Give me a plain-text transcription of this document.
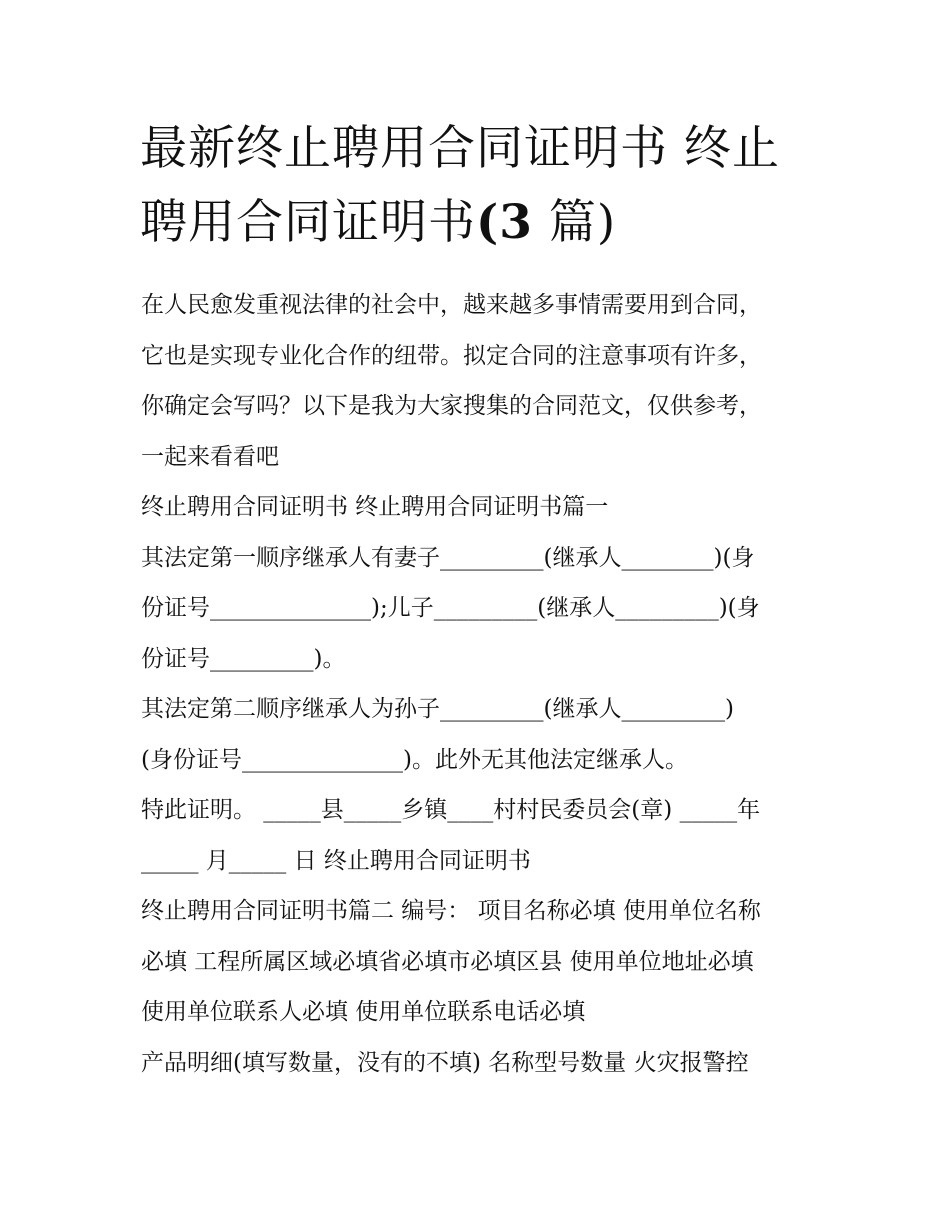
最新终止聘用合同证明书 终止
聘用合同证明书(3 篇)
在人民愈发重视法律的社会中，越来越多事情需要用到合同，
它也是实现专业化合作的纽带。拟定合同的注意事项有许多，
你确定会写吗？以下是我为大家搜集的合同范文，仅供参考，
一起来看看吧
终止聘用合同证明书 终止聘用合同证明书篇一
其法定第一顺序继承人有妻子_________(继承人________)(身
份证号______________);儿子_________(继承人_________)(身
份证号_________)。
其法定第二顺序继承人为孙子_________(继承人_________)
(身份证号______________)。此外无其他法定继承人。
特此证明。 _____县_____乡镇____村村民委员会(章) _____年
_____ 月_____ 日 终止聘用合同证明书
终止聘用合同证明书篇二 编号： 项目名称必填 使用单位名称
必填 工程所属区域必填省必填市必填区县 使用单位地址必填
使用单位联系人必填 使用单位联系电话必填
产品明细(填写数量，没有的不填) 名称型号数量 火灾报警控
